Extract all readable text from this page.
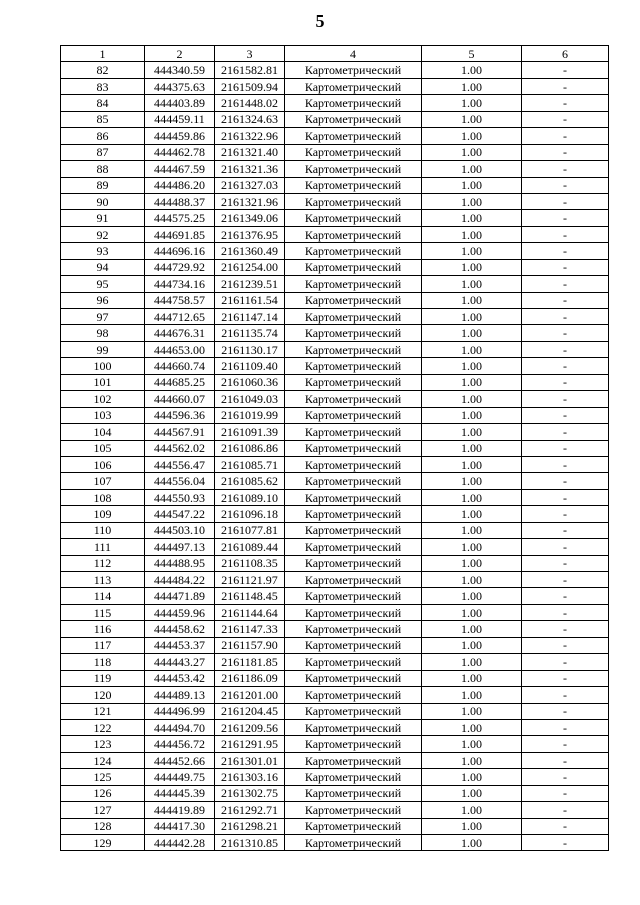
5
1	2	3	4	5	6
82	444340.59	2161582.81	Картометрический	1.00	-
83	444375.63	2161509.94	Картометрический	1.00	-
84	444403.89	2161448.02	Картометрический	1.00	-
85	444459.11	2161324.63	Картометрический	1.00	-
86	444459.86	2161322.96	Картометрический	1.00	-
87	444462.78	2161321.40	Картометрический	1.00	-
88	444467.59	2161321.36	Картометрический	1.00	-
89	444486.20	2161327.03	Картометрический	1.00	-
90	444488.37	2161321.96	Картометрический	1.00	-
91	444575.25	2161349.06	Картометрический	1.00	-
92	444691.85	2161376.95	Картометрический	1.00	-
93	444696.16	2161360.49	Картометрический	1.00	-
94	444729.92	2161254.00	Картометрический	1.00	-
95	444734.16	2161239.51	Картометрический	1.00	-
96	444758.57	2161161.54	Картометрический	1.00	-
97	444712.65	2161147.14	Картометрический	1.00	-
98	444676.31	2161135.74	Картометрический	1.00	-
99	444653.00	2161130.17	Картометрический	1.00	-
100	444660.74	2161109.40	Картометрический	1.00	-
101	444685.25	2161060.36	Картометрический	1.00	-
102	444660.07	2161049.03	Картометрический	1.00	-
103	444596.36	2161019.99	Картометрический	1.00	-
104	444567.91	2161091.39	Картометрический	1.00	-
105	444562.02	2161086.86	Картометрический	1.00	-
106	444556.47	2161085.71	Картометрический	1.00	-
107	444556.04	2161085.62	Картометрический	1.00	-
108	444550.93	2161089.10	Картометрический	1.00	-
109	444547.22	2161096.18	Картометрический	1.00	-
110	444503.10	2161077.81	Картометрический	1.00	-
111	444497.13	2161089.44	Картометрический	1.00	-
112	444488.95	2161108.35	Картометрический	1.00	-
113	444484.22	2161121.97	Картометрический	1.00	-
114	444471.89	2161148.45	Картометрический	1.00	-
115	444459.96	2161144.64	Картометрический	1.00	-
116	444458.62	2161147.33	Картометрический	1.00	-
117	444453.37	2161157.90	Картометрический	1.00	-
118	444443.27	2161181.85	Картометрический	1.00	-
119	444453.42	2161186.09	Картометрический	1.00	-
120	444489.13	2161201.00	Картометрический	1.00	-
121	444496.99	2161204.45	Картометрический	1.00	-
122	444494.70	2161209.56	Картометрический	1.00	-
123	444456.72	2161291.95	Картометрический	1.00	-
124	444452.66	2161301.01	Картометрический	1.00	-
125	444449.75	2161303.16	Картометрический	1.00	-
126	444445.39	2161302.75	Картометрический	1.00	-
127	444419.89	2161292.71	Картометрический	1.00	-
128	444417.30	2161298.21	Картометрический	1.00	-
129	444442.28	2161310.85	Картометрический	1.00	-
